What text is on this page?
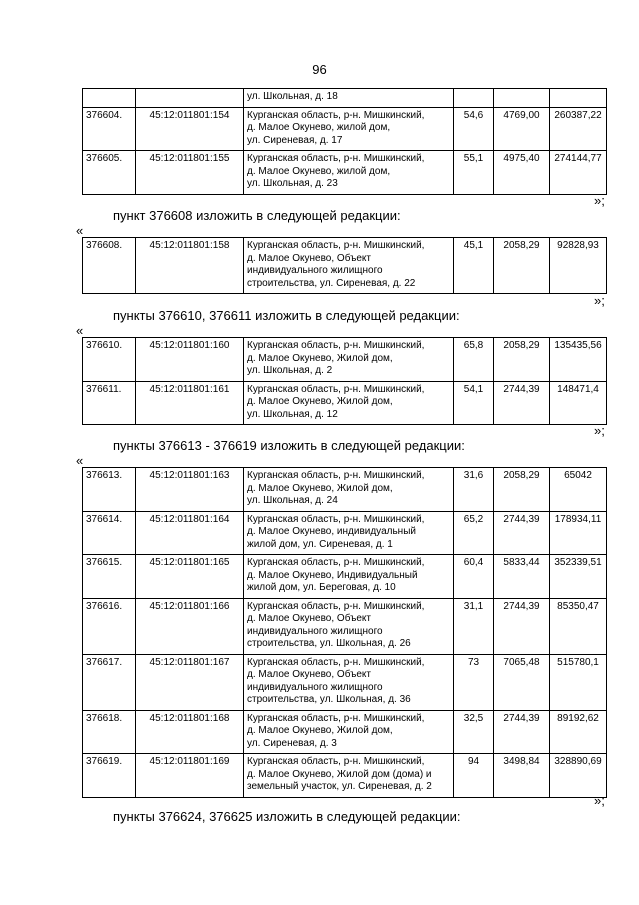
96

		ул. Школьная, д. 18			

376604.	45:12:011801:154	Курганская область, р-н. Мишкинский,
д. Малое Окунево, жилой дом,
ул. Сиреневая, д. 17	54,6	4769,00	260387,22
376605.	45:12:011801:155	Курганская область, р-н. Мишкинский,
д. Малое Окунево, жилой дом,
ул. Школьная, д. 23	55,1	4975,40	274144,77
»;
пункт 376608 изложить в следующей редакции:
«
376608.	45:12:011801:158	Курганская область, р-н. Мишкинский,
д. Малое Окунево, Объект
индивидуального жилищного
строительства, ул. Сиреневая, д. 22
	45,1	2058,29	92828,93
»;
пункты 376610, 376611 изложить в следующей редакции:
«
376610.	45:12:011801:160	Курганская область, р-н. Мишкинский,
д. Малое Окунево, Жилой дом,
ул. Школьная, д. 2	65,8	2058,29	135435,56
376611.	45:12:011801:161	Курганская область, р-н. Мишкинский,
д. Малое Окунево, Жилой дом,
ул. Школьная, д. 12	54,1	2744,39	148471,4
»;
пункты 376613 - 376619 изложить в следующей редакции:
«
376613.	45:12:011801:163	Курганская область, р-н. Мишкинский,
д. Малое Окунево, Жилой дом,
ул. Школьная, д. 24	31,6	2058,29	65042
376614.	45:12:011801:164	Курганская область, р-н. Мишкинский,
д. Малое Окунево, индивидуальный
жилой дом, ул. Сиреневая, д. 1	65,2	2744,39	178934,11
376615.	45:12:011801:165	Курганская область, р-н. Мишкинский,
д. Малое Окунево, Индивидуальный
жилой дом, ул. Береговая, д. 10	60,4	5833,44	352339,51
376616.	45:12:011801:166	Курганская область, р-н. Мишкинский,
д. Малое Окунево, Объект
индивидуального жилищного
строительства, ул. Школьная, д. 26	31,1	2744,39	85350,47
376617.	45:12:011801:167	Курганская область, р-н. Мишкинский,
д. Малое Окунево, Объект
индивидуального жилищного
строительства, ул. Школьная, д. 36	73	7065,48	515780,1
376618.	45:12:011801:168	Курганская область, р-н. Мишкинский,
д. Малое Окунево, Жилой дом,
ул. Сиреневая, д. 3	32,5	2744,39	89192,62
376619.	45:12:011801:169	Курганская область, р-н. Мишкинский,
д. Малое Окунево, Жилой дом (дома) и
земельный участок, ул. Сиреневая, д. 2	94	3498,84	328890,69
»;
пункты 376624, 376625 изложить в следующей редакции:
